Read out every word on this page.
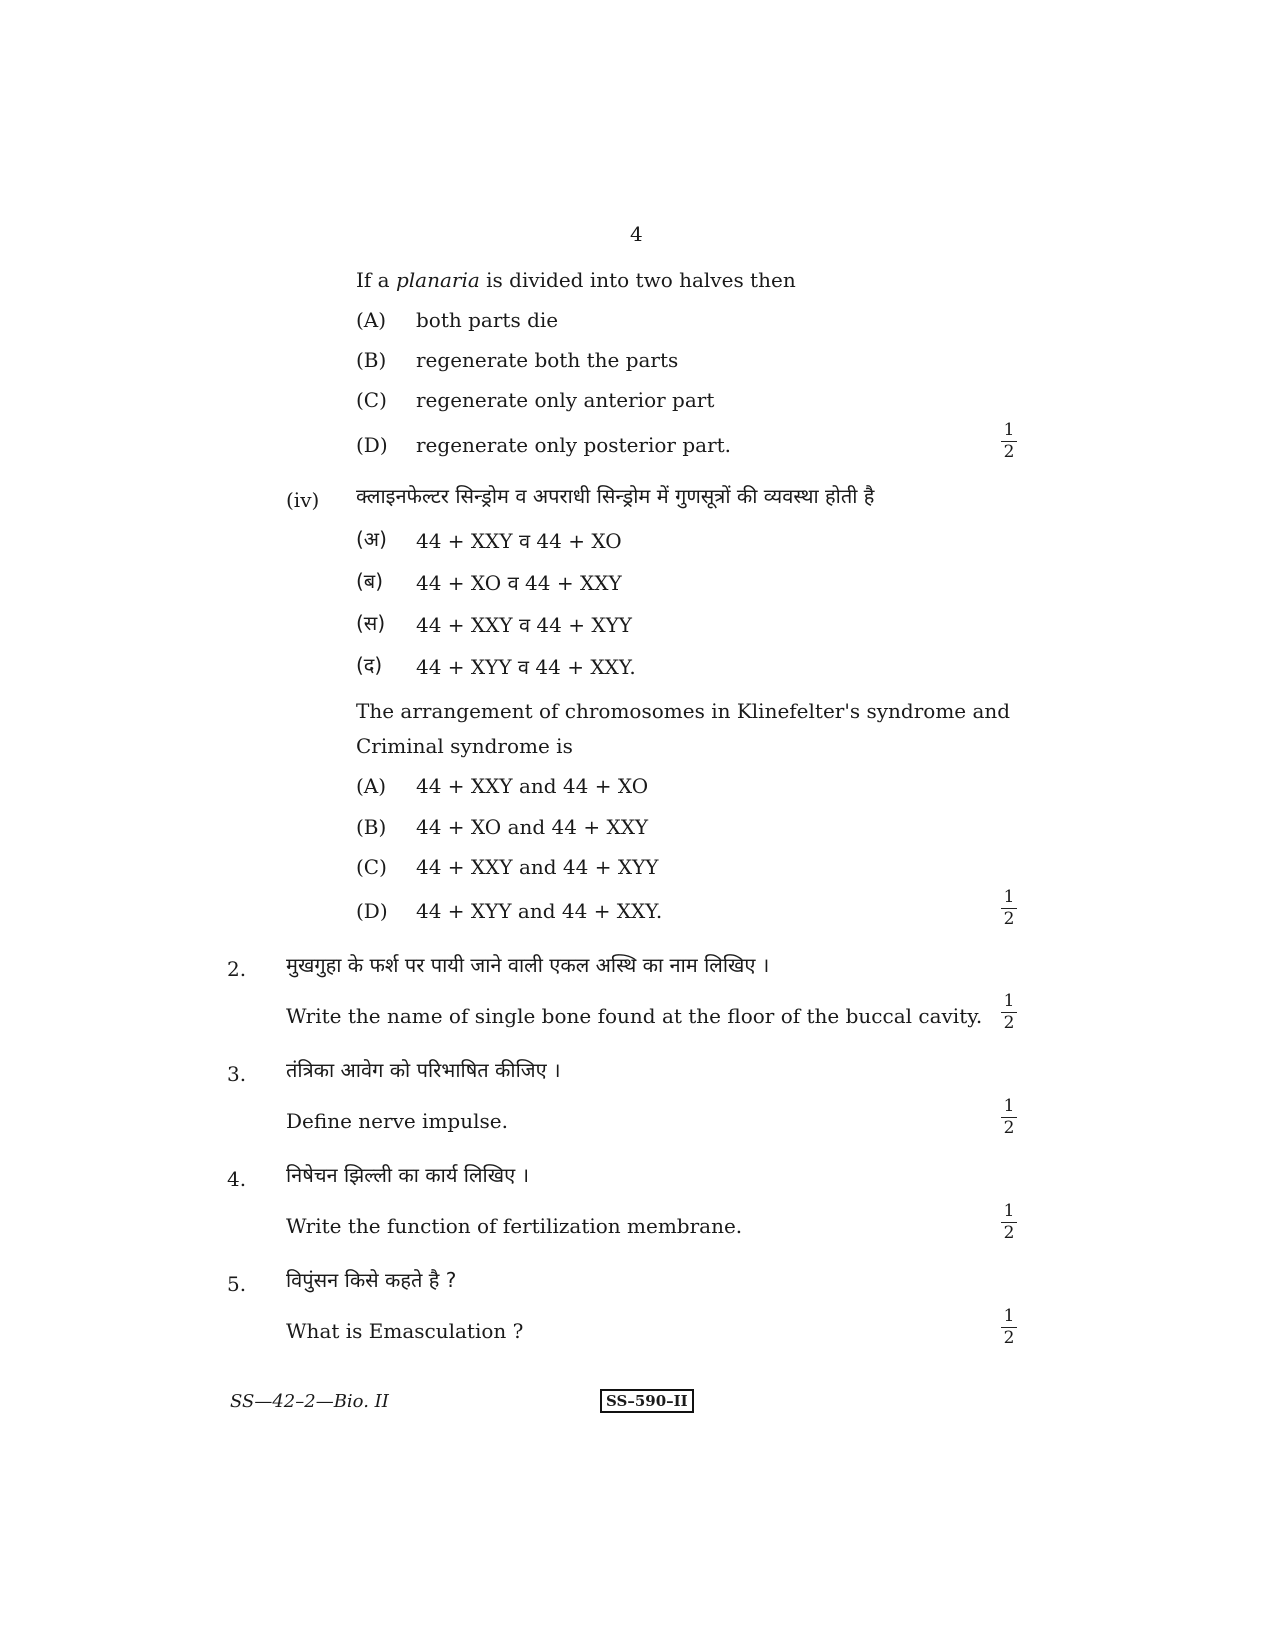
4
If a planaria is divided into two halves then
(A) both parts die
(B) regenerate both the parts
(C) regenerate only anterior part
(D) regenerate only posterior part.
1
2
(iv) क्लाइनफेल्टर सिन्ड्रोम व अपराधी सिन्ड्रोम में गुणसूत्रों की व्यवस्था होती है
(अ) 44 + XXY व 44 + XO
(ब) 44 + XO व 44 + XXY
(स) 44 + XXY व 44 + XYY
(द) 44 + XYY व 44 + XXY.
The arrangement of chromosomes in Klinefelter's syndrome and
Criminal syndrome is
(A) 44 + XXY and 44 + XO
(B) 44 + XO and 44 + XXY
(C) 44 + XXY and 44 + XYY
(D) 44 + XYY and 44 + XXY.
1
2
2. मुखगुहा के फर्श पर पायी जाने वाली एकल अस्थि का नाम लिखिए ।
Write the name of single bone found at the floor of the buccal cavity.
1
2
3. तंत्रिका आवेग को परिभाषित कीजिए ।
Define nerve impulse.
1
2
4. निषेचन झिल्ली का कार्य लिखिए ।
Write the function of fertilization membrane.
1
2
5. विपुंसन किसे कहते है ?
What is Emasculation ?
1
2
SS—42–2—Bio. II	SS–590–II
